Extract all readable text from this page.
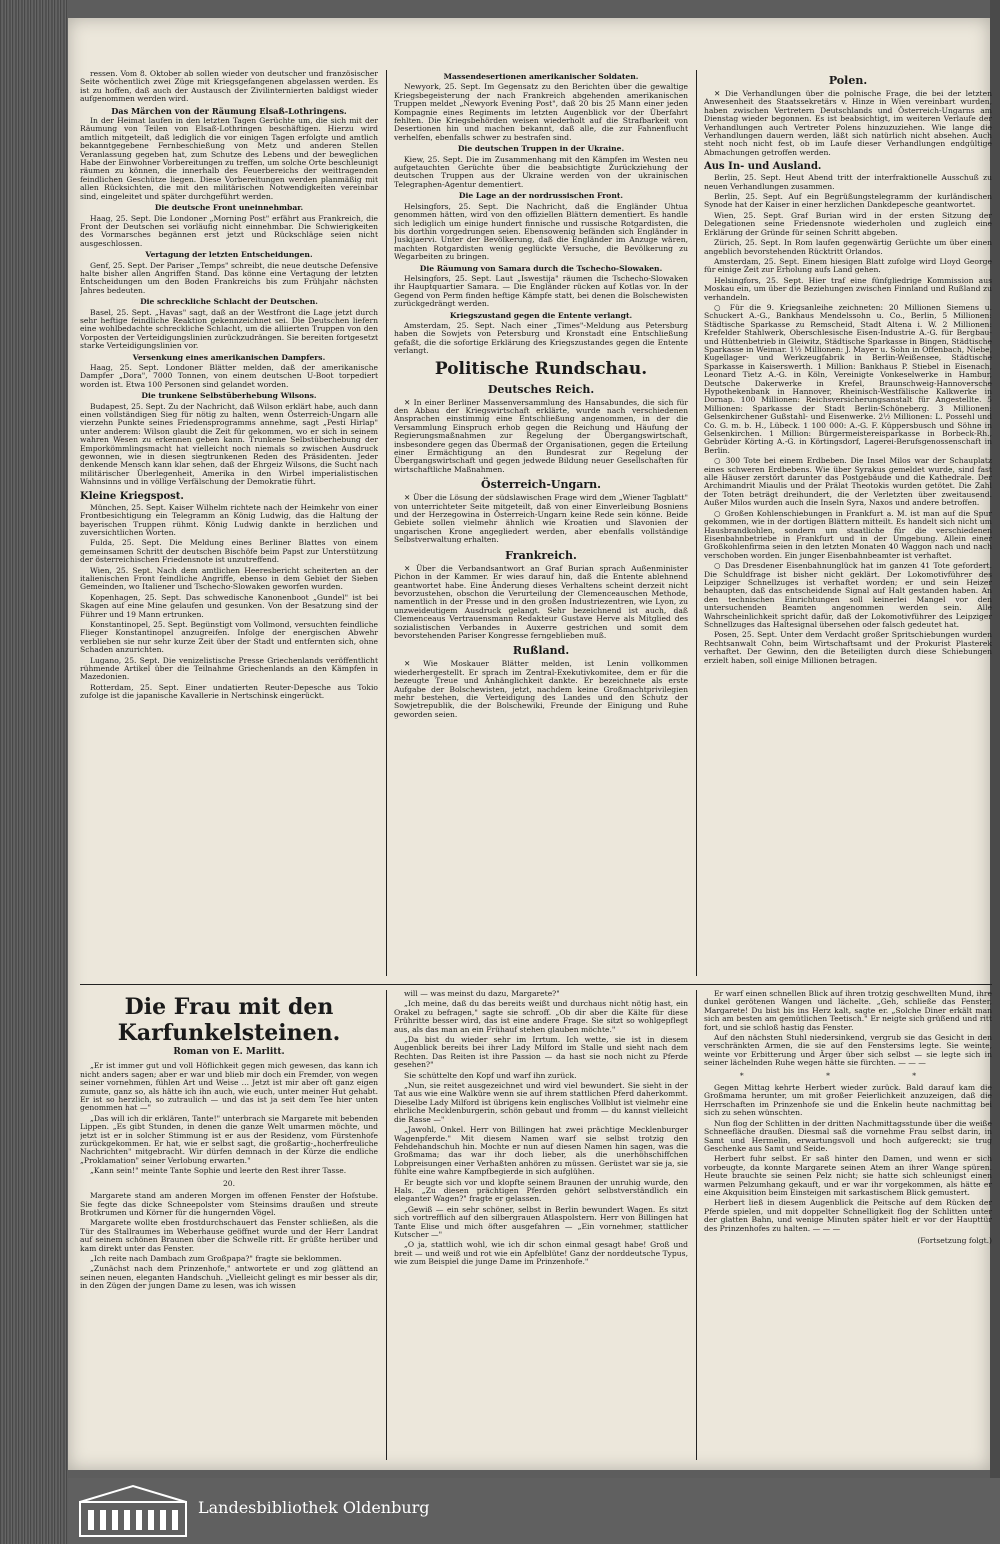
ressen. Vom 8. Oktober ab sollen wieder von deutscher und französischer Seite wöchentlich zwei Züge mit Kriegsgefangenen abgelassen werden. Es ist zu hoffen, daß auch der Austausch der Zivilinternierten baldigst wieder aufgenommen werden wird.

Das Märchen von der Räumung Elsaß-Lothringens.

In der Heimat laufen in den letzten Tagen Gerüchte um, die sich mit der Räumung von Teilen von Elsaß-Lothringen beschäftigen. Hierzu wird amtlich mitgeteilt, daß lediglich die vor einigen Tagen erfolgte und amtlich bekanntgegebene Fernbeschießung von Metz und anderen Stellen Veranlassung gegeben hat, zum Schutze des Lebens und der beweglichen Habe der Einwohner Vorbereitungen zu treffen, um solche Orte beschleunigt räumen zu können, die innerhalb des Feuerbereichs der weittragenden feindlichen Geschütze liegen. Diese Vorbereitungen werden planmäßig mit allen Rücksichten, die mit den militärischen Notwendigkeiten vereinbar sind, eingeleitet und später durchgeführt werden.

Die deutsche Front uneinnehmbar.

Haag, 25. Sept. Die Londoner „Morning Post" erfährt aus Frankreich, die Front der Deutschen sei vorläufig nicht einnehmbar. Die Schwierigkeiten des Vormarsches begännen erst jetzt und Rückschläge seien nicht ausgeschlossen.

Vertagung der letzten Entscheidungen.

Genf, 25. Sept. Der Pariser „Temps" schreibt, die neue deutsche Defensive halte bisher allen Angriffen Stand. Das könne eine Vertagung der letzten Entscheidungen um den Boden Frankreichs bis zum Frühjahr nächsten Jahres bedeuten.

Die schreckliche Schlacht der Deutschen.

Basel, 25. Sept. „Havas" sagt, daß an der Westfront die Lage jetzt durch sehr heftige feindliche Reaktion gekennzeichnet sei. Die Deutschen liefern eine wohlbedachte schreckliche Schlacht, um die alliierten Truppen von den Vorposten der Verteidigungslinien zurückzudrängen. Sie bereiten fortgesetzt starke Verteidigungslinien vor.

Versenkung eines amerikanischen Dampfers.

Haag, 25. Sept. Londoner Blätter melden, daß der amerikanische Dampfer „Dora", 7000 Tonnen, von einem deutschen U-Boot torpediert worden ist. Etwa 100 Personen sind gelandet worden.

Die trunkene Selbstüberhebung Wilsons.

Budapest, 25. Sept. Zu der Nachricht, daß Wilson erklärt habe, auch dann einen vollständigen Sieg für nötig zu halten, wenn Österreich-Ungarn alle vierzehn Punkte seines Friedensprogramms annehme, sagt „Pesti Hirlap" unter anderem: Wilson glaubt die Zeit für gekommen, wo er sich in seinem wahren Wesen zu erkennen geben kann. Trunkene Selbstüberhebung der Emporkömmlingsmacht hat vielleicht noch niemals so zwischen Ausdruck gewonnen, wie in diesen siegtrunkenen Reden des Präsidenten. Jeder denkende Mensch kann klar sehen, daß der Ehrgeiz Wilsons, die Sucht nach militärischer Überlegenheit, Amerika in den Wirbel imperialistischen Wahnsinns und in völlige Verfälschung der Demokratie führt.

Kleine Kriegspost.

München, 25. Sept. Kaiser Wilhelm richtete nach der Heimkehr von einer Frontbesichtigung ein Telegramm an König Ludwig, das die Haltung der bayerischen Truppen rühmt. König Ludwig dankte in herzlichen und zuversichtlichen Worten.

Fulda, 25. Sept. Die Meldung eines Berliner Blattes von einem gemeinsamen Schritt der deutschen Bischöfe beim Papst zur Unterstützung der österreichischen Friedensnote ist unzutreffend.

Wien, 25. Sept. Nach dem amtlichen Heeresbericht scheiterten an der italienischen Front feindliche Angriffe, ebenso in dem Gebiet der Sieben Gemeinden, wo Italiener und Tschecho-Slowaken geworfen wurden.

Kopenhagen, 25. Sept. Das schwedische Kanonenboot „Gundel" ist bei Skagen auf eine Mine gelaufen und gesunken. Von der Besatzung sind der Führer und 19 Mann ertrunken.

Konstantinopel, 25. Sept. Begünstigt vom Vollmond, versuchten feindliche Flieger Konstantinopel anzugreifen. Infolge der energischen Abwehr verblieben sie nur sehr kurze Zeit über der Stadt und entfernten sich, ohne Schaden anzurichten.

Lugano, 25. Sept. Die venizelistische Presse Griechenlands veröffentlicht rühmende Artikel über die Teilnahme Griechenlands an den Kämpfen in Mazedonien.

Rotterdam, 25. Sept. Einer undatierten Reuter-Depesche aus Tokio zufolge ist die japanische Kavallerie in Nertschinsk eingerückt.

Massendesertionen amerikanischer Soldaten.

Newyork, 25. Sept. Im Gegensatz zu den Berichten über die gewaltige Kriegsbegeisterung der nach Frankreich abgehenden amerikanischen Truppen meldet „Newyork Evening Post", daß 20 bis 25 Mann einer jeden Kompagnie eines Regiments im letzten Augenblick vor der Überfahrt fehlten. Die Kriegsbehörden weisen wiederholt auf die Strafbarkeit von Desertionen hin und machen bekannt, daß alle, die zur Fahnenflucht verhelfen, ebenfalls schwer zu bestrafen sind.

Die deutschen Truppen in der Ukraine.

Kiew, 25. Sept. Die im Zusammenhang mit den Kämpfen im Westen neu aufgetauchten Gerüchte über die beabsichtigte Zurückziehung der deutschen Truppen aus der Ukraine werden von der ukrainischen Telegraphen-Agentur dementiert.

Die Lage an der nordrussischen Front.

Helsingfors, 25. Sept. Die Nachricht, daß die Engländer Uhtua genommen hätten, wird von den offiziellen Blättern dementiert. Es handle sich lediglich um einige hundert finnische und russische Rotgardisten, die bis dorthin vorgedrungen seien. Ebensowenig befänden sich Engländer in Juskijaervi. Unter der Bevölkerung, daß die Engländer im Anzuge wären, machten Rotgardisten wenig geglückte Versuche, die Bevölkerung zu Wegarbeiten zu bringen.

Die Räumung von Samara durch die Tschecho-Slowaken.

Helsingfors, 25. Sept. Laut „Iswestija" räumen die Tschecho-Slowaken ihr Hauptquartier Samara. — Die Engländer rücken auf Kotlas vor. In der Gegend von Perm finden heftige Kämpfe statt, bei denen die Bolschewisten zurückgedrängt werden.

Kriegszustand gegen die Entente verlangt.

Amsterdam, 25. Sept. Nach einer „Times"-Meldung aus Petersburg haben die Sowjets von Petersburg und Kronstadt eine Entschließung gefaßt, die die sofortige Erklärung des Kriegszustandes gegen die Entente verlangt.

Politische Rundschau.
Deutsches Reich.

✕ In einer Berliner Massenversammlung des Hansabundes, die sich für den Abbau der Kriegswirtschaft erklärte, wurde nach verschiedenen Ansprachen einstimmig eine Entschließung angenommen, in der die Versammlung Einspruch erhob gegen die Reichung und Häufung der Regierungsmaßnahmen zur Regelung der Übergangswirtschaft, insbesondere gegen das Übermaß der Organisationen, gegen die Erteilung einer Ermächtigung an den Bundesrat zur Regelung der Übergangswirtschaft und gegen jedwede Bildung neuer Gesellschaften für wirtschaftliche Maßnahmen.

Österreich-Ungarn.

✕ Über die Lösung der südslawischen Frage wird dem „Wiener Tagblatt" von unterrichteter Seite mitgeteilt, daß von einer Einverleibung Bosniens und der Herzegowina in Österreich-Ungarn keine Rede sein könne. Beide Gebiete sollen vielmehr ähnlich wie Kroatien und Slavonien der ungarischen Krone angegliedert werden, aber ebenfalls vollständige Selbstverwaltung erhalten.

Frankreich.

✕ Über die Verbandsantwort an Graf Burian sprach Außenminister Pichon in der Kammer. Er wies darauf hin, daß die Entente ablehnend geantwortet habe. Eine Änderung dieses Verhaltens scheint derzeit nicht bevorzustehen, obschon die Verurteilung der Clemenceauschen Methode, namentlich in der Presse und in den großen Industriezentren, wie Lyon, zu unzweideutigem Ausdruck gelangt. Sehr bezeichnend ist auch, daß Clemenceaus Vertrauensmann Redakteur Gustave Herve als Mitglied des sozialistischen Verbandes in Auxerre gestrichen und somit dem bevorstehenden Pariser Kongresse ferngeblieben muß.

Rußland.

✕ Wie Moskauer Blätter melden, ist Lenin vollkommen wiederhergestellt. Er sprach im Zentral-Exekutivkomitee, dem er für die bezeugte Treue und Anhänglichkeit dankte. Er bezeichnete als erste Aufgabe der Bolschewisten, jetzt, nachdem keine Großmachtprivilegien mehr bestehen, die Verteidigung des Landes und den Schutz der Sowjetrepublik, die der Bolschewiki, Freunde der Einigung und Ruhe geworden seien.

Polen.

✕ Die Verhandlungen über die polnische Frage, die bei der letzten Anwesenheit des Staatssekretärs v. Hinze in Wien vereinbart wurden, haben zwischen Vertretern Deutschlands und Österreich-Ungarns am Dienstag wieder begonnen. Es ist beabsichtigt, im weiteren Verlaufe der Verhandlungen auch Vertreter Polens hinzuzuziehen. Wie lange die Verhandlungen dauern werden, läßt sich natürlich nicht absehen. Auch steht noch nicht fest, ob im Laufe dieser Verhandlungen endgültige Abmachungen getroffen werden.

Aus In- und Ausland.

Berlin, 25. Sept. Heut Abend tritt der interfraktionelle Ausschuß zu neuen Verhandlungen zusammen.

Berlin, 25. Sept. Auf ein Begrüßungstelegramm der kurländischen Synode hat der Kaiser in einer herzlichen Dankdepesche geantwortet.

Wien, 25. Sept. Graf Burian wird in der ersten Sitzung der Delegationen seine Friedensnote wiederholen und zugleich eine Erklärung der Gründe für seinen Schritt abgeben.

Zürich, 25. Sept. In Rom laufen gegenwärtig Gerüchte um über einen angeblich bevorstehenden Rücktritt Orlandos.

Amsterdam, 25. Sept. Einem hiesigen Blatt zufolge wird Lloyd George für einige Zeit zur Erholung aufs Land gehen.

Helsingfors, 25. Sept. Hier traf eine fünfgliedrige Kommission aus Moskau ein, um über die Beziehungen zwischen Finnland und Rußland zu verhandeln.

○ Für die 9. Kriegsanleihe zeichneten: 20 Millionen Siemens u. Schuckert A.-G., Bankhaus Mendelssohn u. Co., Berlin, 5 Millionen: Städtische Sparkasse zu Remscheid, Stadt Altena i. W. 2 Millionen: Krefelder Stahlwerk, Oberschlesische Eisen-Industrie A.-G. für Bergbau- und Hüttenbetrieb in Gleiwitz, Städtische Sparkasse in Bingen, Städtische Sparkasse in Weimar. 1½ Millionen: J. Mayer u. Sohn in Offenbach, Niebe, Kugellager- und Werkzeugfabrik in Berlin-Weißensee, Städtische Sparkasse in Kaiserswerth. 1 Million: Bankhaus P. Stiebel in Eisenach, Leonard Tietz A.-G. in Köln, Vereinigte Vonkeselwerke in Hambur, Deutsche Dakerwerke in Krefel, Braunschweig-Hannoversche Hypothekenbank in Hannover, Rheinisch-Westfälische Kalkwerke in Dornap. 100 Millionen: Reichsversicherungsanstalt für Angestellte. 5 Millionen: Sparkasse der Stadt Berlin-Schöneberg. 3 Millionen: Gelsenkirchener Gußstahl- und Eisenwerke. 2½ Millionen: L. Possehl und Co. G. m. b. H., Lübeck. 1 100 000: A.-G. F. Küppersbusch und Söhne in Gelsenkirchen. 1 Million: Bürgermeistereisparkasse in Borbeck-Rh., Gebrüder Körting A.-G. in Körtingsdorf, Lagerei-Berufsgenossenschaft in Berlin.

○ 300 Tote bei einem Erdbeben. Die Insel Milos war der Schauplatz eines schweren Erdbebens. Wie über Syrakus gemeldet wurde, sind fast alle Häuser zerstört darunter das Postgebäude und die Kathedrale. Der Archimandrit Miaulis und der Prälat Theotokis wurden getötet. Die Zahl der Toten beträgt dreihundert, die der Verletzten über zweitausend. Außer Milos wurden auch die Inseln Syra, Naxos und andere betroffen.

○ Großen Kohlenschiebungen in Frankfurt a. M. ist man auf die Spur gekommen, wie in der dortigen Blättern mitteilt. Es handelt sich nicht um Hausbrandkohlen, sondern um staatliche für die verschiedenen Eisenbahnbetriebe in Frankfurt und in der Umgebung. Allein einer Großkohlenfirma seien in den letzten Monaten 40 Waggon nach und nach verschoben worden. Ein junger Eisenbahnbeamter ist verhaftet.

○ Das Dresdener Eisenbahnunglück hat im ganzen 41 Tote gefordert. Die Schuldfrage ist bisher nicht geklärt. Der Lokomotivführer des Leipziger Schnellzuges ist verhaftet worden; er und sein Heizer behaupten, daß das entscheidende Signal auf Halt gestanden haben. An den technischen Einrichtungen soll keinerlei Mangel vor den untersuchenden Beamten angenommen werden sein. Alle Wahrscheinlichkeit spricht dafür, daß der Lokomotivführer des Leipziger Schnellzuges das Haltesignal übersehen oder falsch gedeutet hat.

Posen, 25. Sept. Unter dem Verdacht großer Spritschiebungen wurden Rechtsanwalt Cohn, beim Wirtschaftsamt und der Prokurist Plasterek verhaftet. Der Gewinn, den die Beteiligten durch diese Schiebungen erzielt haben, soll einige Millionen betragen.

Die Frau mit den Karfunkelsteinen.
Roman von E. Marlitt.

„Er ist immer gut und voll Höflichkeit gegen mich gewesen, das kann ich nicht anders sagen; aber er war und blieb mir doch ein Fremder, von wegen seiner vornehmen, fühlen Art und Weise … Jetzt ist mir aber oft ganz eigen zumute, ganz so, als hätte ich ihn auch, wie euch, unter meiner Hut gehabt. Er ist so herzlich, so zutraulich — und das ist ja seit dem Tee hier unten genommen hat —"

„Das will ich dir erklären, Tante!" unterbrach sie Margarete mit bebenden Lippen. „Es gibt Stunden, in denen die ganze Welt umarmen möchte, und jetzt ist er in solcher Stimmung ist er aus der Residenz, vom Fürstenhofe zurückgekommen. Er hat, wie er selbst sagt, die großartig-„hocherfreuliche Nachrichten" mitgebracht. Wir dürfen demnach in der Kürze die endliche „Proklamation" seiner Verlobung erwarten."

„Kann sein!" meinte Tante Sophie und leerte den Rest ihrer Tasse.

20.

Margarete stand am anderen Morgen im offenen Fenster der Hofstube. Sie fegte das dicke Schneepolster vom Steinsims draußen und streute Brotkrumen und Körner für die hungernden Vögel.

Margarete wollte eben frostdurchschauert das Fenster schließen, als die Tür des Stallraumes im Weberhause geöffnet wurde und der Herr Landrat auf seinem schönen Braunen über die Schwelle ritt. Er grüßte herüber und kam direkt unter das Fenster.

„Ich reite nach Dambach zum Großpapa?" fragte sie beklommen.

„Zunächst nach dem Prinzenhofe," antwortete er und zog glättend an seinen neuen, eleganten Handschuh. „Vielleicht gelingt es mir besser als dir, in den Zügen der jungen Dame zu lesen, was ich wissen

will — was meinst du dazu, Margarete?"

„Ich meine, daß du das bereits weißt und durchaus nicht nötig hast, ein Orakel zu befragen," sagte sie schroff. „Ob dir aber die Kälte für diese Frühritte besser wird, das ist eine andere Frage. Sie sitzt so wohlgepflegt aus, als das man an ein Frühauf stehen glauben möchte."

„Da bist du wieder sehr im Irrtum. Ich wette, sie ist in diesem Augenblick bereits bei ihrer Lady Milford im Stalle und sieht nach dem Rechten. Das Reiten ist ihre Passion — da hast sie noch nicht zu Pferde gesehen?"

Sie schüttelte den Kopf und warf ihn zurück.

„Nun, sie reitet ausgezeichnet und wird viel bewundert. Sie sieht in der Tat aus wie eine Walküre wenn sie auf ihrem stattlichen Pferd daherkommt. Dieselbe Lady Milford ist übrigens kein englisches Vollblut ist vielmehr eine ehrliche Mecklenburgerin, schön gebaut und fromm — du kannst vielleicht die Rasse —"

„Jawohl, Onkel. Herr von Billingen hat zwei prächtige Mecklenburger Wagenpferde." Mit diesem Namen warf sie selbst trotzig den Fehdehandschuh hin. Mochte er nun auf diesen Namen hin sagen, was die Großmama; das war ihr doch lieber, als die unerhöhschiffchen Lobpreisungen einer Verhaßten anhören zu müssen. Gerüstet war sie ja, sie fühlte eine wahre Kampfbegierde in sich aufglühen.

Er beugte sich vor und klopfte seinem Braunen der unruhig wurde, den Hals. „Zu diesen prächtigen Pferden gehört selbstverständlich ein eleganter Wagen?" fragte er gelassen.

„Gewiß — ein sehr schöner, selbst in Berlin bewundert Wagen. Es sitzt sich vortrefflich auf den silbergrauen Atlaspolstern. Herr von Billingen hat Tante Elise und mich öfter ausgefahren — „Ein vornehmer, stattlicher Kutscher —"

„O ja, stattlich wohl, wie ich dir schon einmal gesagt habe! Groß und breit — und weiß und rot wie ein Apfelblüte! Ganz der norddeutsche Typus, wie zum Beispiel die junge Dame im Prinzenhofe."

Er warf einen schnellen Blick auf ihren trotzig geschwellten Mund, ihre dunkel gerötenen Wangen und lächelte. „Geh, schließe das Fenster, Margarete! Du bist bis ins Herz kalt, sagte er. „Solche Diner erkält man sich am besten am gemütlichen Teetisch." Er neigte sich grüßend und ritt fort, und sie schloß hastig das Fenster.

Auf den nächsten Stuhl niedersinkend, vergrub sie das Gesicht in den verschränkten Armen, die sie auf den Fenstersims legte. Sie weinte, weinte vor Erbitterung und Ärger über sich selbst — sie legte sich in seiner lächelnden Ruhe wegen hätte sie fürchten. — — —

* * *

Gegen Mittag kehrte Herbert wieder zurück. Bald darauf kam die Großmama herunter, um mit großer Feierlichkeit anzuzeigen, daß die Herrschaften im Prinzenhofe sie und die Enkelin heute nachmittag bei sich zu sehen wünschten.

Nun flog der Schlitten in der dritten Nachmittagsstunde über die weiße Schneefläche draußen. Diesmal saß die vornehme Frau selbst darin, in Samt und Hermelin, erwartungsvoll und hoch aufgereckt; sie trug Geschenke aus Samt und Seide.

Herbert fuhr selbst. Er saß hinter den Damen, und wenn er sich vorbeugte, da konnte Margarete seinen Atem an ihrer Wange spüren. Heute brauchte sie seinen Pelz nicht; sie hatte sich schleunigst einen warmen Pelzumhang gekauft, und er war ihr vorgekommen, als hätte er eine Akquisition beim Einsteigen mit sarkastischem Blick gemustert.

Herbert ließ in diesem Augenblick die Peitsche auf dem Rücken der Pferde spielen, und mit doppelter Schnelligkeit flog der Schlitten unter der glatten Bahn, und wenige Minuten später hielt er vor der Haupttür des Prinzenhofes zu halten. — — —

(Fortsetzung folgt.)
Landesbibliothek Oldenburg
